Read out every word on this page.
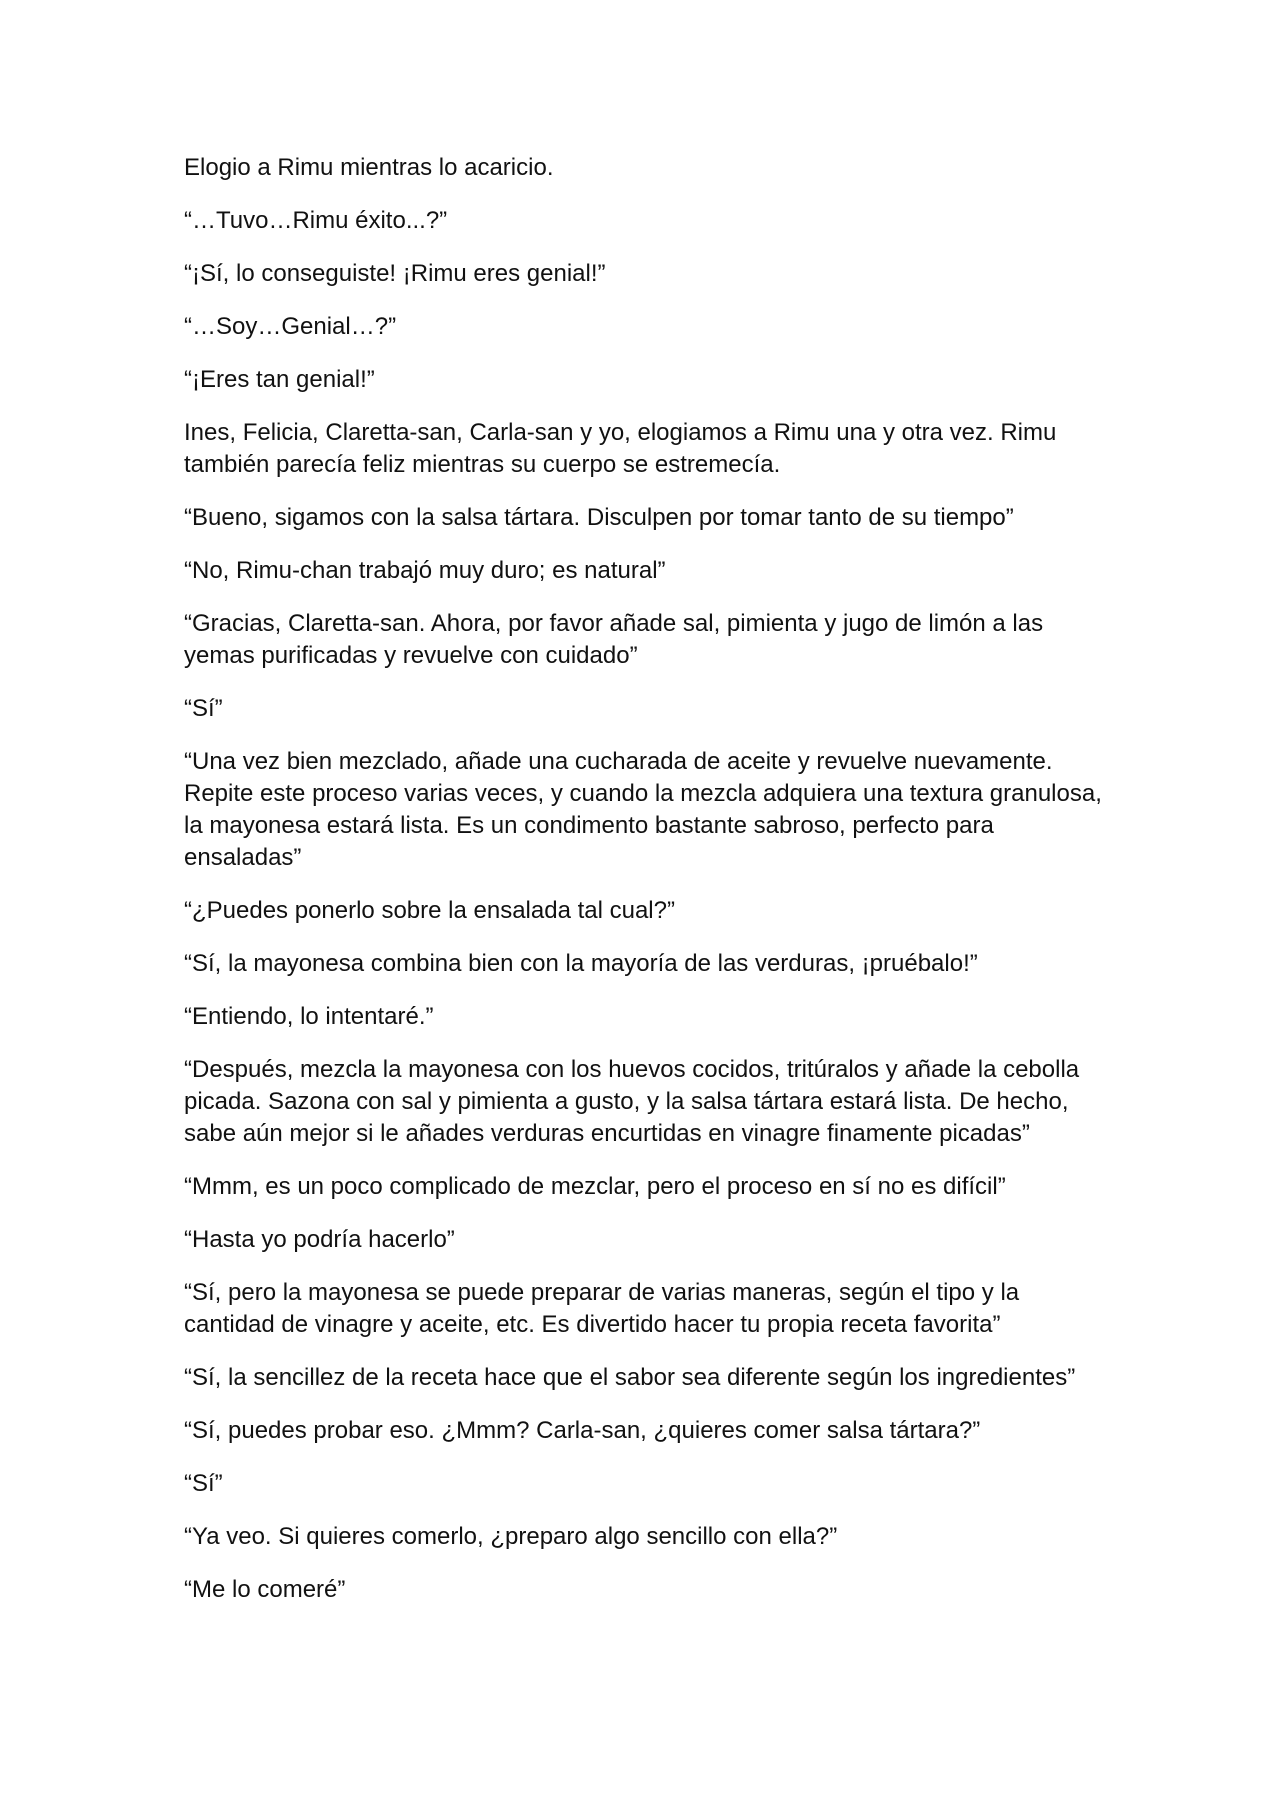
Elogio a Rimu mientras lo acaricio.

“…Tuvo…Rimu éxito...?”

“¡Sí, lo conseguiste! ¡Rimu eres genial!”

“…Soy…Genial…?”

“¡Eres tan genial!”

Ines, Felicia, Claretta-san, Carla-san y yo, elogiamos a Rimu una y otra vez. Rimu también parecía feliz mientras su cuerpo se estremecía.

“Bueno, sigamos con la salsa tártara. Disculpen por tomar tanto de su tiempo”

“No, Rimu-chan trabajó muy duro; es natural”

“Gracias, Claretta-san. Ahora, por favor añade sal, pimienta y jugo de limón a las yemas purificadas y revuelve con cuidado”

“Sí”

“Una vez bien mezclado, añade una cucharada de aceite y revuelve nuevamente. Repite este proceso varias veces, y cuando la mezcla adquiera una textura granulosa, la mayonesa estará lista. Es un condimento bastante sabroso, perfecto para ensaladas”

“¿Puedes ponerlo sobre la ensalada tal cual?”

“Sí, la mayonesa combina bien con la mayoría de las verduras, ¡pruébalo!”

“Entiendo, lo intentaré.”

“Después, mezcla la mayonesa con los huevos cocidos, tritúralos y añade la cebolla picada. Sazona con sal y pimienta a gusto, y la salsa tártara estará lista. De hecho, sabe aún mejor si le añades verduras encurtidas en vinagre finamente picadas”

“Mmm, es un poco complicado de mezclar, pero el proceso en sí no es difícil”

“Hasta yo podría hacerlo”

“Sí, pero la mayonesa se puede preparar de varias maneras, según el tipo y la cantidad de vinagre y aceite, etc. Es divertido hacer tu propia receta favorita”

“Sí, la sencillez de la receta hace que el sabor sea diferente según los ingredientes”

“Sí, puedes probar eso. ¿Mmm? Carla-san, ¿quieres comer salsa tártara?”

“Sí”

“Ya veo. Si quieres comerlo, ¿preparo algo sencillo con ella?”

“Me lo comeré”
